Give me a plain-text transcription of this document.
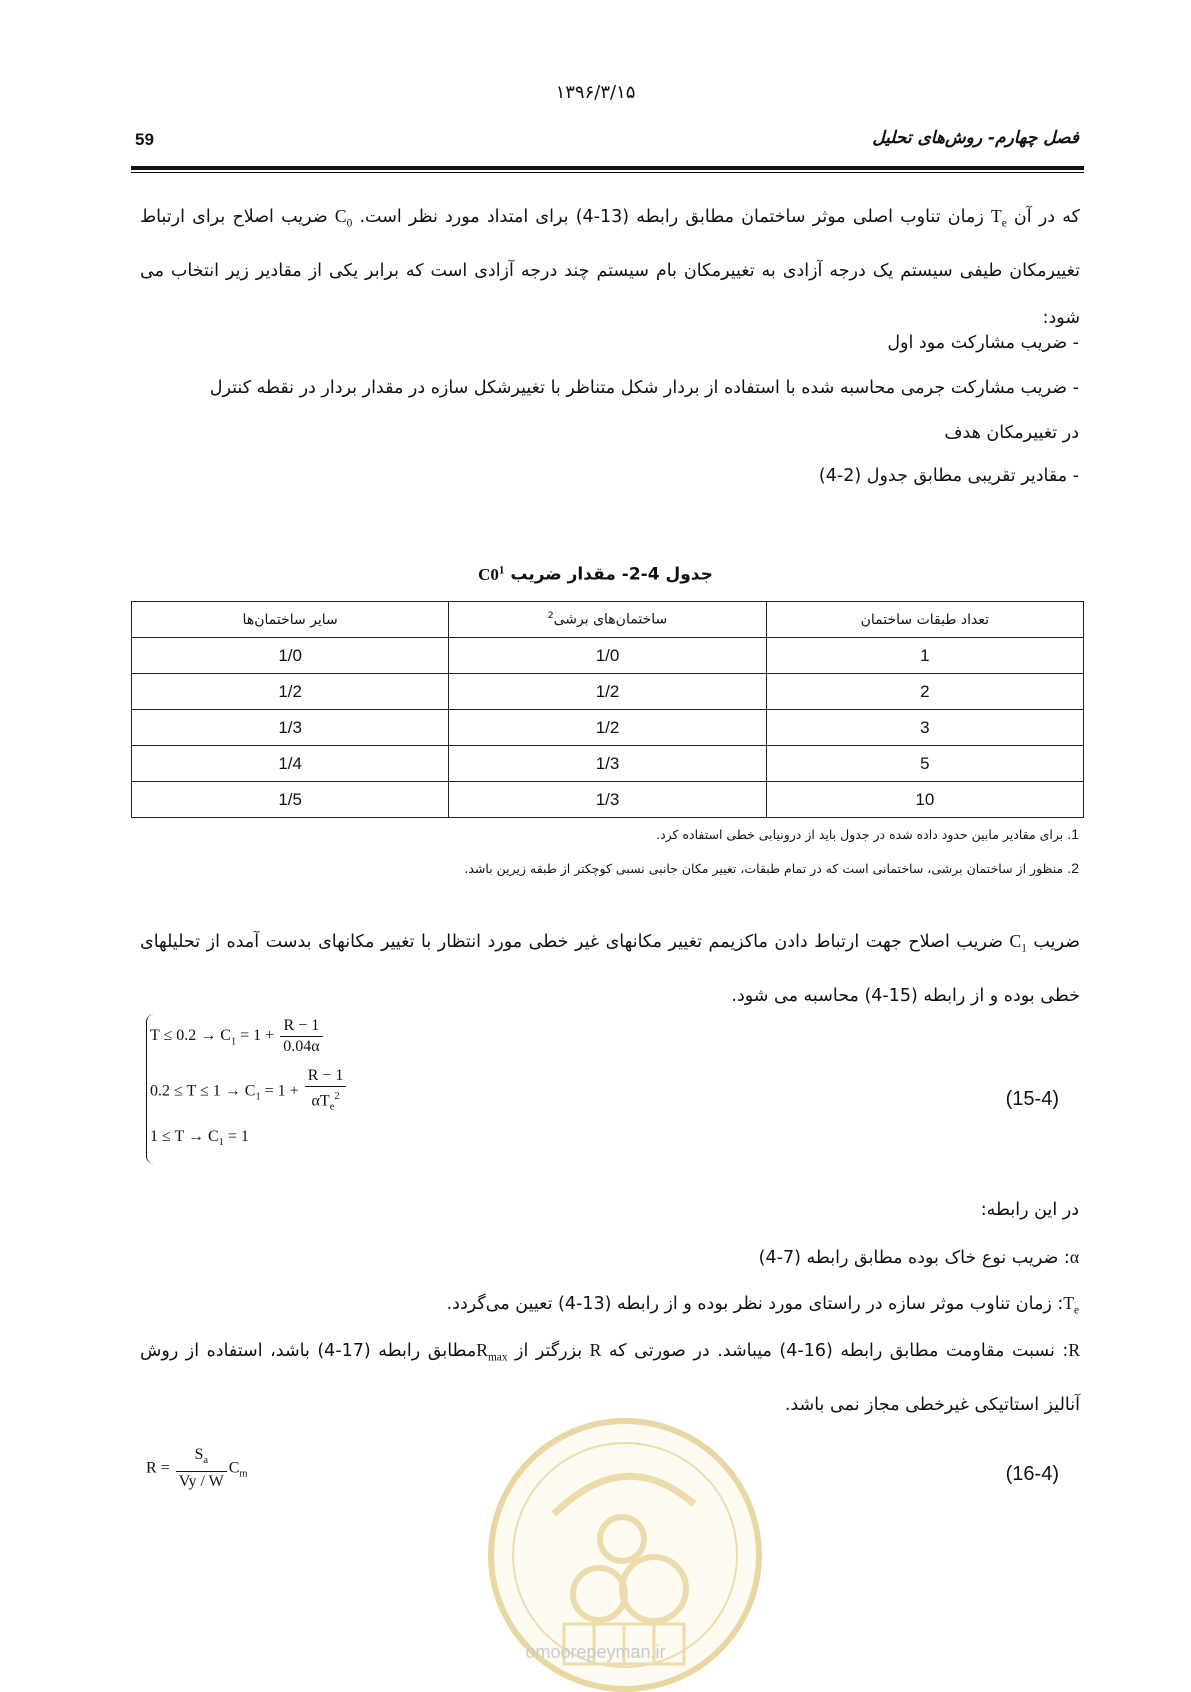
۱۳۹۶/۳/۱۵
59	فصل چهارم- روش‌های تحلیل
که در آن $T_e$ زمان تناوب اصلی موثر ساختمان مطابق رابطه (13-4) برای امتداد مورد نظر است. $C_0$ ضریب اصلاح برای ارتباط تغییرمکان طیفی سیستم یک درجه آزادی به تغییرمکان بام سیستم چند درجه آزادی است که برابر یکی از مقادیر زیر انتخاب می شود:
- ضریب مشارکت مود اول
- ضریب مشارکت جرمی محاسبه شده با استفاده از بردار شکل متناظر با تغییرشکل سازه در مقدار بردار در نقطه کنترل
در تغییرمکان هدف
- مقادیر تقریبی مطابق جدول (2-4)
جدول 4-2- مقدار ضریب $C0^1$
تعداد طبقات ساختمان	ساختمان‌های برشی$^2$	سایر ساختمان‌ها
1	1/0	1/0
2	1/2	1/2
3	1/2	1/3
5	1/3	1/4
10	1/3	1/5
1. برای مقادیر مابین حدود داده شده در جدول باید از درونیابی خطی استفاده کرد.
2. منظور از ساختمان برشی، ساختمانی است که در تمام طبقات، تغییر مکان جانبی نسبی کوچکتر از طبقه زیرین باشد.
ضریب $C_1$ ضریب اصلاح جهت ارتباط دادن ماکزیمم تغییر مکانهای غیر خطی مورد انتظار با تغییر مکانهای بدست آمده از تحلیلهای خطی بوده و از رابطه (15-4) محاسبه می شود.
$T \le 0.2 \to C_1 = 1 + \frac{R - 1}{0.04\alpha}$
$0.2 \le T \le 1 \to C_1 = 1 + \frac{R - 1}{\alpha T_e^2}$
$1 \le T \to C_1 = 1$
(15-4)
در این رابطه:
α: ضریب نوع خاک بوده مطابق رابطه (7-4)
$T_e$: زمان تناوب موثر سازه در راستای مورد نظر بوده و از رابطه (13-4) تعیین می‌گردد.
R: نسبت مقاومت مطابق رابطه (16-4) میباشد. در صورتی که R بزرگتر از $R_{max}مطابق$ رابطه (17-4) باشد، استفاده از روش آنالیز استاتیکی غیرخطی مجاز نمی باشد.
$R = \frac{S_a}{Vy / W} C_m$	(16-4)
omoorepeyman.ir
